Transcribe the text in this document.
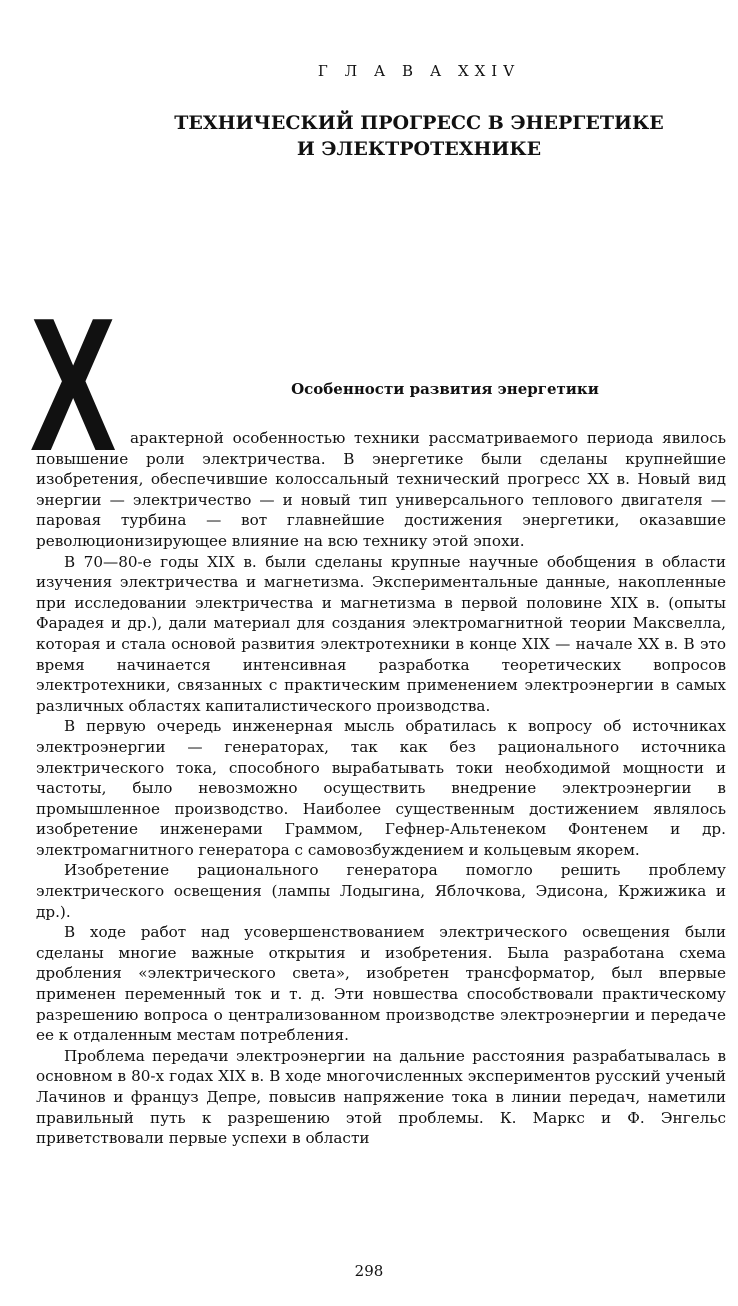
Г Л А В А XXIV
ТЕХНИЧЕСКИЙ ПРОГРЕСС В ЭНЕРГЕТИКЕ
И ЭЛЕКТРОТЕХНИКЕ
Х	Особенности развития энергетики

арактерной особенностью техники рассматриваемого периода явилось повышение роли электричества. В энергетике были сделаны крупнейшие изобретения, обеспечившие колоссальный технический прогресс XX в. Новый вид энергии — электричество — и новый тип универсального теплового двигателя — паровая турбина — вот главнейшие достижения энергетики, оказавшие революционизирующее влияние на всю технику этой эпохи.

В 70—80-е годы XIX в. были сделаны крупные научные обобщения в области изучения электричества и магнетизма. Экспериментальные данные, накопленные при исследовании электричества и магнетизма в первой половине XIX в. (опыты Фарадея и др.), дали материал для создания электромагнитной теории Максвелла, которая и стала основой развития электротехники в конце XIX — начале XX в. В это время начинается интенсивная разработка теоретических вопросов электротехники, связанных с практическим применением электроэнергии в самых различных областях капиталистического производства.

В первую очередь инженерная мысль обратилась к вопросу об источниках электроэнергии — генераторах, так как без рационального источника электрического тока, способного вырабатывать токи необходимой мощности и частоты, было невозможно осуществить внедрение электроэнергии в промышленное производство. Наиболее существенным достижением являлось изобретение инженерами Граммом, Гефнер-Альтенеком Фонтенем и др. электромагнитного генератора с самовозбуждением и кольцевым якорем.

Изобретение рационального генератора помогло решить проблему электрического освещения (лампы Лодыгина, Яблочкова, Эдисона, Кржижика и др.).

В ходе работ над усовершенствованием электрического освещения были сделаны многие важные открытия и изобретения. Была разработана схема дробления «электрического света», изобретен трансформатор, был впервые применен переменный ток и т. д. Эти новшества способствовали практическому разрешению вопроса о централизованном производстве электроэнергии и передаче ее к отдаленным местам потребления.

Проблема передачи электроэнергии на дальние расстояния разрабатывалась в основном в 80-х годах XIX в. В ходе многочисленных экспериментов русский ученый Лачинов и француз Депре, повысив напряжение тока в линии передач, наметили правильный путь к разрешению этой проблемы. К. Маркс и Ф. Энгельс приветствовали первые успехи в области

298
